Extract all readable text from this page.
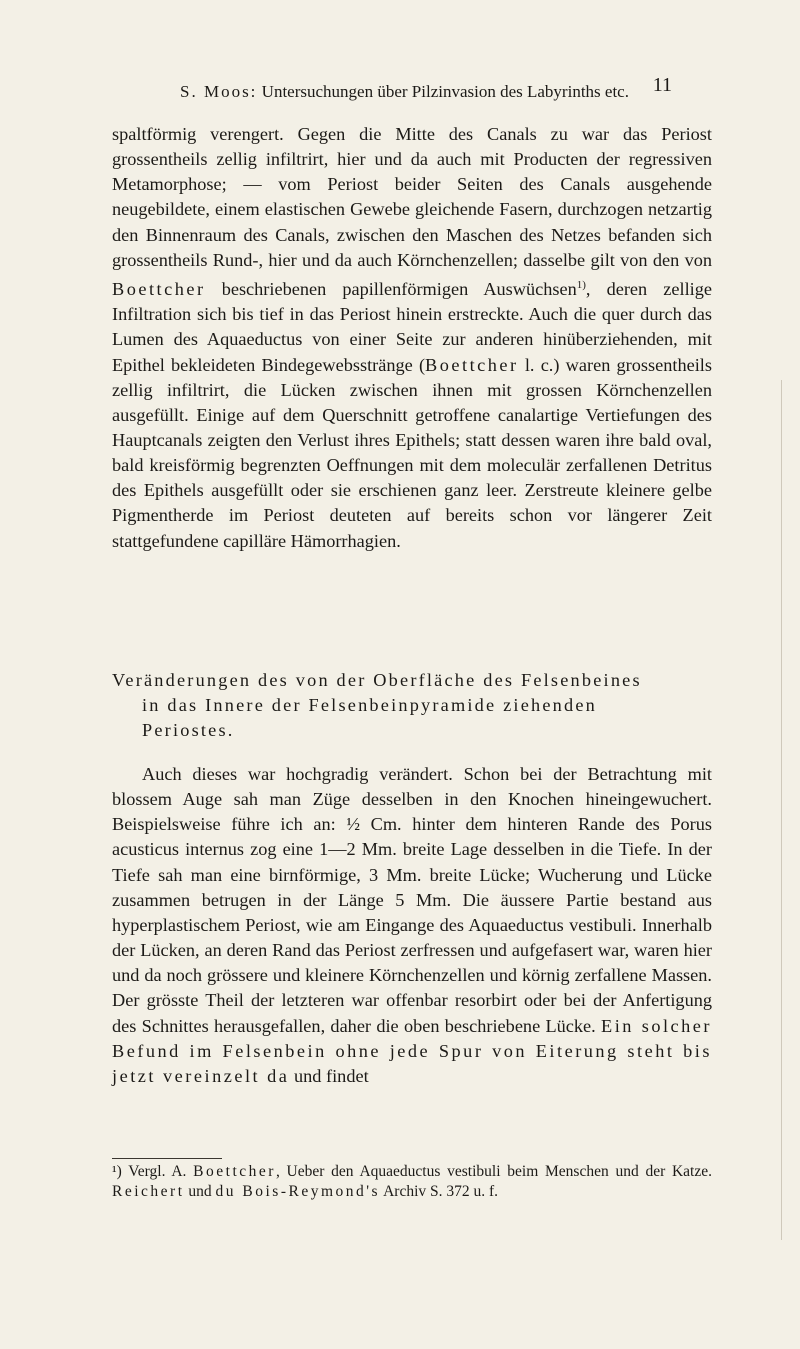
S. Moos: Untersuchungen über Pilzinvasion des Labyrinths etc. 11

spaltförmig verengert. Gegen die Mitte des Canals zu war das Periost grossentheils zellig infiltrirt, hier und da auch mit Producten der regressiven Metamorphose; — vom Periost beider Seiten des Canals ausgehende neugebildete, einem elastischen Gewebe gleichende Fasern, durchzogen netzartig den Binnenraum des Canals, zwischen den Maschen des Netzes befanden sich grossentheils Rund-, hier und da auch Körnchenzellen; dasselbe gilt von den von Boettcher beschriebenen papillenförmigen Auswüchsen$^{1)}$, deren zellige Infiltration sich bis tief in das Periost hinein erstreckte. Auch die quer durch das Lumen des Aquaeductus von einer Seite zur anderen hinüberziehenden, mit Epithel bekleideten Bindegewebsstränge (Boettcher l. c.) waren grossentheils zellig infiltrirt, die Lücken zwischen ihnen mit grossen Körnchenzellen ausgefüllt. Einige auf dem Querschnitt getroffene canalartige Vertiefungen des Hauptcanals zeigten den Verlust ihres Epithels; statt dessen waren ihre bald oval, bald kreisförmig begrenzten Oeffnungen mit dem moleculär zerfallenen Detritus des Epithels ausgefüllt oder sie erschienen ganz leer. Zerstreute kleinere gelbe Pigmentherde im Periost deuteten auf bereits schon vor längerer Zeit stattgefundene capilläre Hämorrhagien.

Veränderungen des von der Oberfläche des Felsenbeines
in das Innere der Felsenbeinpyramide ziehenden
Periostes.

Auch dieses war hochgradig verändert. Schon bei der Betrachtung mit blossem Auge sah man Züge desselben in den Knochen hineingewuchert. Beispielsweise führe ich an: ½ Cm. hinter dem hinteren Rande des Porus acusticus internus zog eine 1—2 Mm. breite Lage desselben in die Tiefe. In der Tiefe sah man eine birnförmige, 3 Mm. breite Lücke; Wucherung und Lücke zusammen betrugen in der Länge 5 Mm. Die äussere Partie bestand aus hyperplastischem Periost, wie am Eingange des Aquaeductus vestibuli. Innerhalb der Lücken, an deren Rand das Periost zerfressen und aufgefasert war, waren hier und da noch grössere und kleinere Körnchenzellen und körnig zerfallene Massen. Der grösste Theil der letzteren war offenbar resorbirt oder bei der Anfertigung des Schnittes herausgefallen, daher die oben beschriebene Lücke. Ein solcher Befund im Felsenbein ohne jede Spur von Eiterung steht bis jetzt vereinzelt da und findet

¹) Vergl. A. Boettcher, Ueber den Aquaeductus vestibuli beim Menschen und der Katze. Reichert und du Bois-Reymond's Archiv S. 372 u. f.
